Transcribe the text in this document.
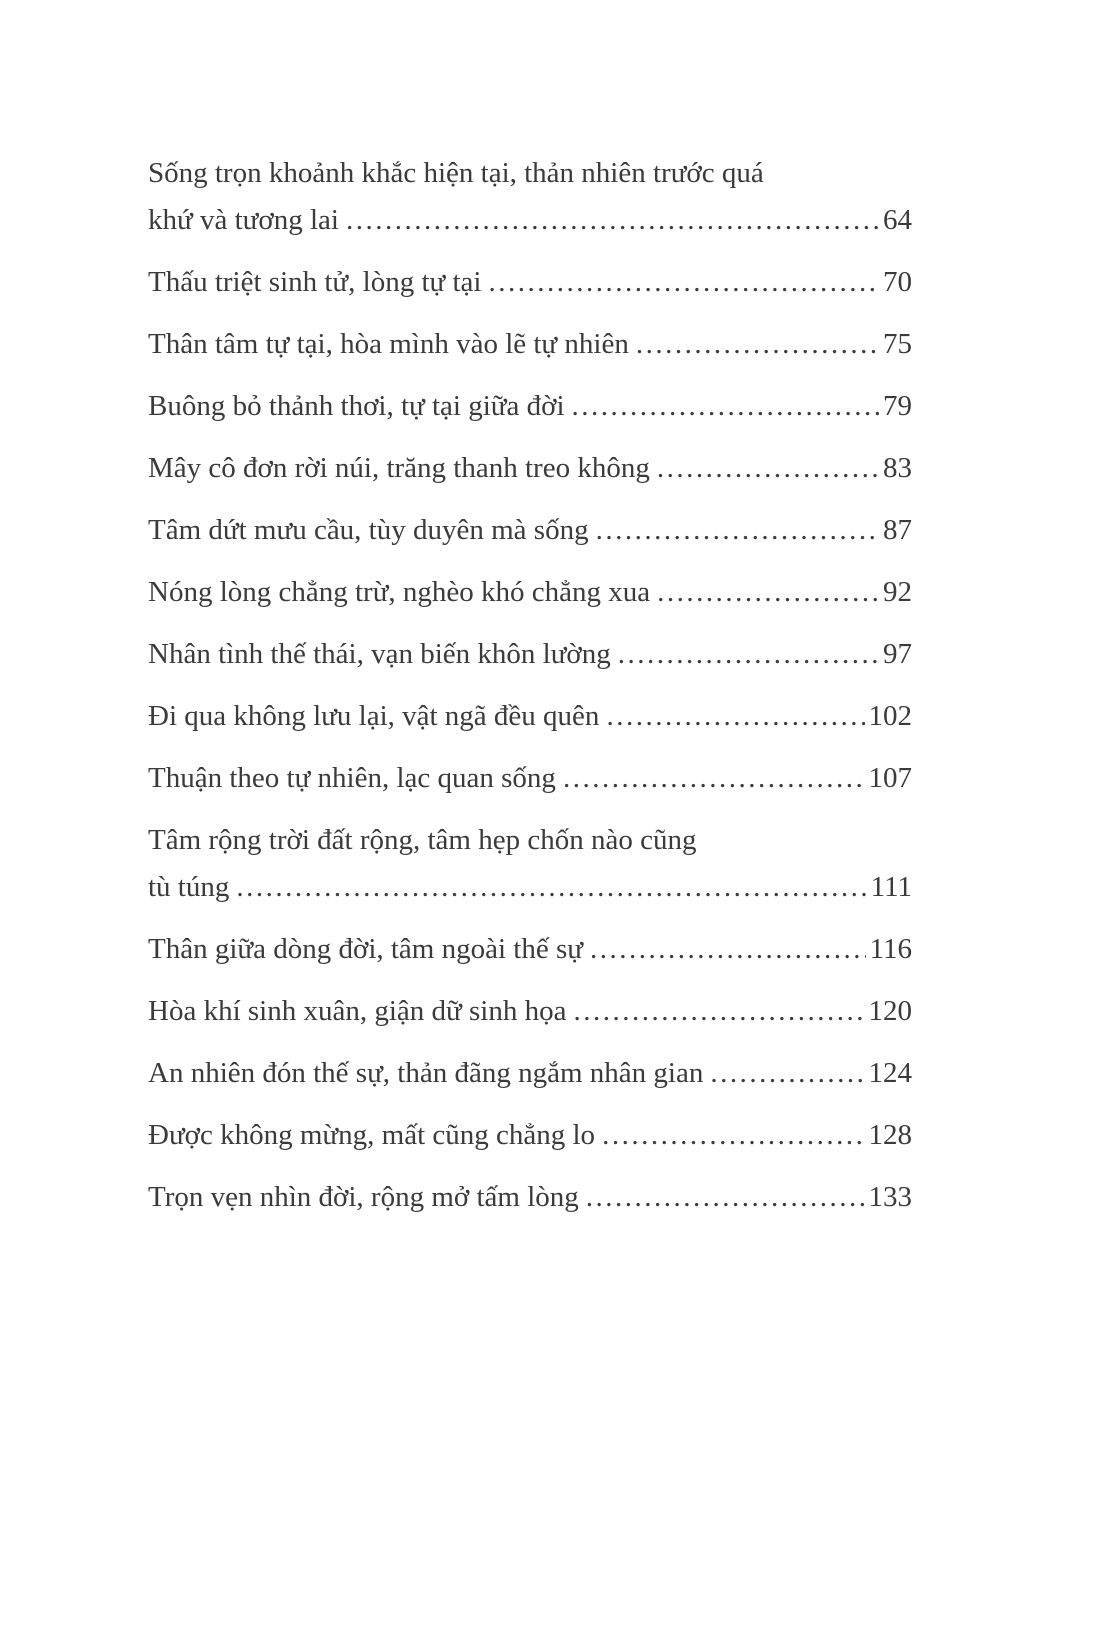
Sống trọn khoảnh khắc hiện tại, thản nhiên trước quá
khứ và tương lai .....	64
Thấu triệt sinh tử, lòng tự tại .....	70
Thân tâm tự tại, hòa mình vào lẽ tự nhiên .....	75
Buông bỏ thảnh thơi, tự tại giữa đời .....	79
Mây cô đơn rời núi, trăng thanh treo không .....	83
Tâm dứt mưu cầu, tùy duyên mà sống .....	87
Nóng lòng chẳng trừ, nghèo khó chẳng xua .....	92
Nhân tình thế thái, vạn biến khôn lường .....	97
Đi qua không lưu lại, vật ngã đều quên .....	102
Thuận theo tự nhiên, lạc quan sống .....	107
Tâm rộng trời đất rộng, tâm hẹp chốn nào cũng
tù túng .....	111
Thân giữa dòng đời, tâm ngoài thế sự .....	116
Hòa khí sinh xuân, giận dữ sinh họa .....	120
An nhiên đón thế sự, thản đãng ngắm nhân gian .....	124
Được không mừng, mất cũng chẳng lo .....	128
Trọn vẹn nhìn đời, rộng mở tấm lòng .....	133
